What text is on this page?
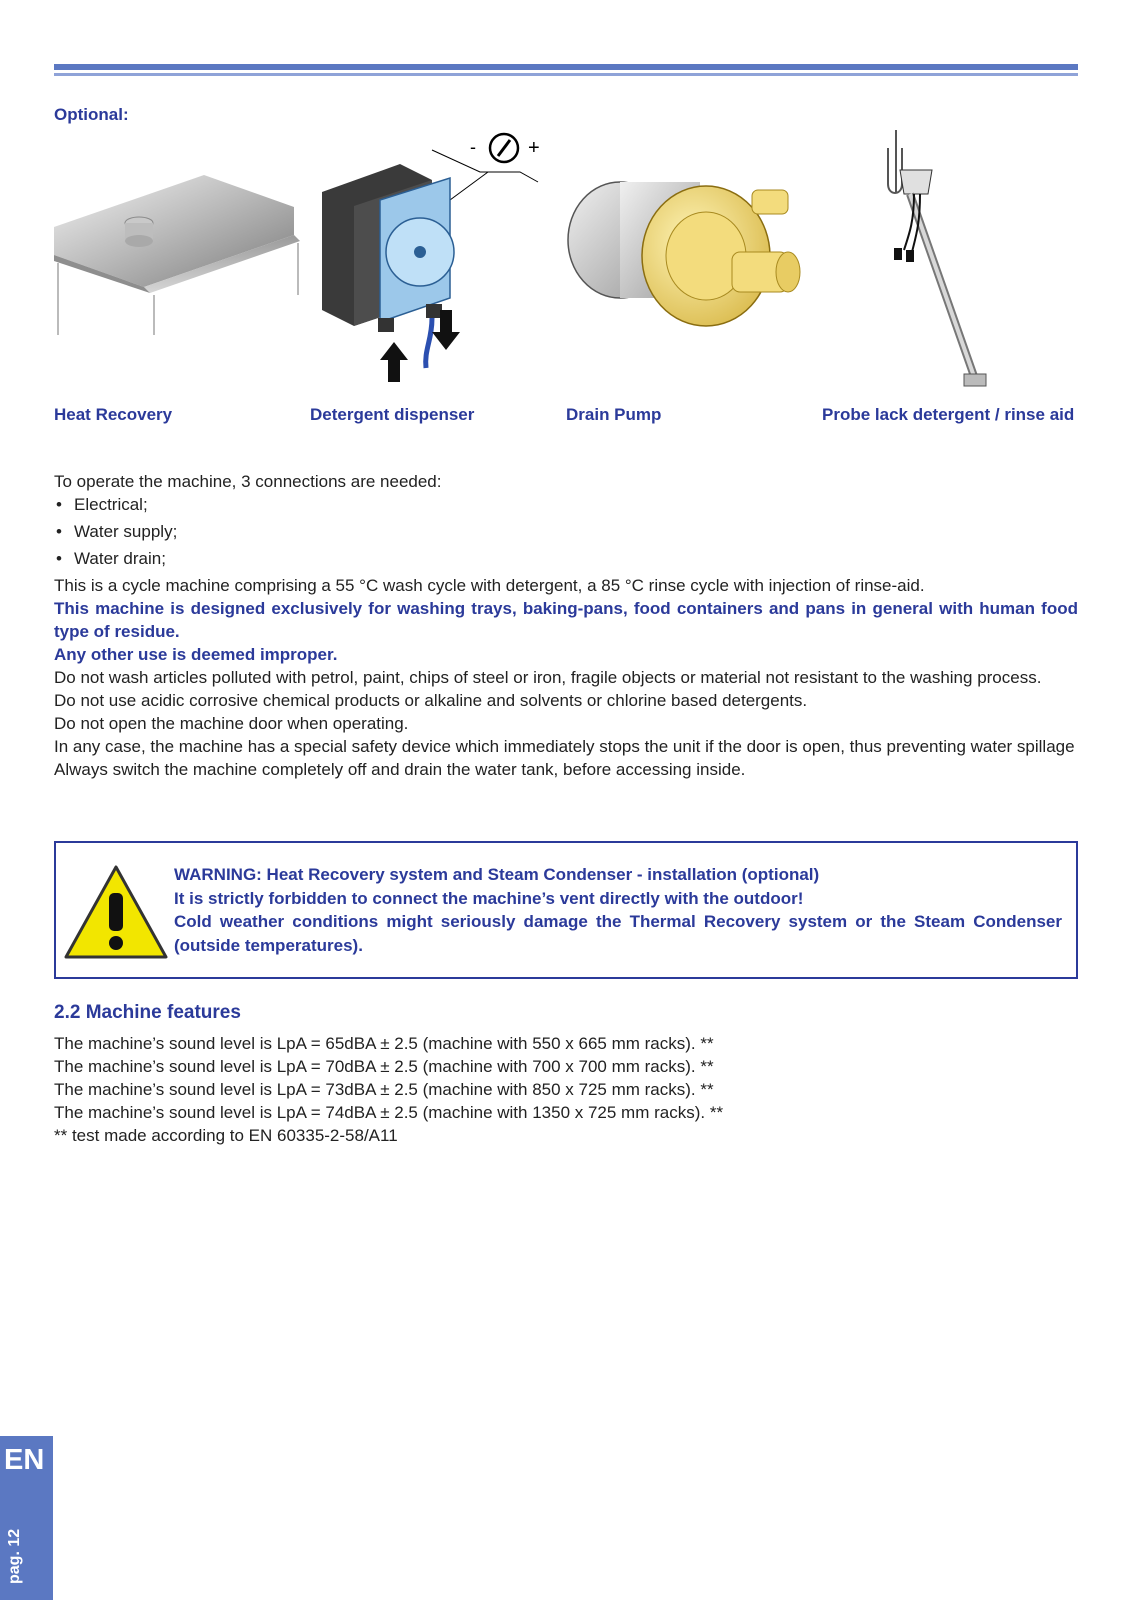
Optional:
-	+
Heat Recovery	Detergent dispenser	Drain Pump	Probe lack detergent / rinse aid

To operate the machine, 3 connections are needed:

• Electrical;
• Water supply;
• Water drain;

This is a cycle machine comprising a 55 °C wash cycle with detergent, a 85 °C rinse cycle with injection of rinse-aid.

This machine is designed exclusively for washing trays, baking-pans, food containers and pans in general with human food type of residue.

Any other use is deemed improper.

Do not wash articles polluted with petrol, paint, chips of steel or iron, fragile objects or material not resistant to the washing process.

Do not use acidic corrosive chemical products or alkaline and solvents or chlorine based detergents.

Do not open the machine door when operating.

In any case, the machine has a special safety device which immediately stops the unit if the door is open, thus preventing water spillage

Always switch the machine completely off and drain the water tank, before accessing inside.

WARNING: Heat Recovery system and Steam Condenser - installation (optional)
It is strictly forbidden to connect the machine’s vent directly with the outdoor!
Cold weather conditions might seriously damage the Thermal Recovery system or the Steam Condenser (outside temperatures).
2.2 Machine features
The machine’s sound level is LpA = 65dBA ± 2.5 (machine with 550 x 665 mm racks). **
The machine’s sound level is LpA = 70dBA ± 2.5 (machine with 700 x 700 mm racks). **
The machine’s sound level is LpA = 73dBA ± 2.5 (machine with 850 x 725 mm racks). **
The machine’s sound level is LpA = 74dBA ± 2.5 (machine with 1350 x 725 mm racks). **
** test made according to EN 60335-2-58/A11
EN
pag. 12
